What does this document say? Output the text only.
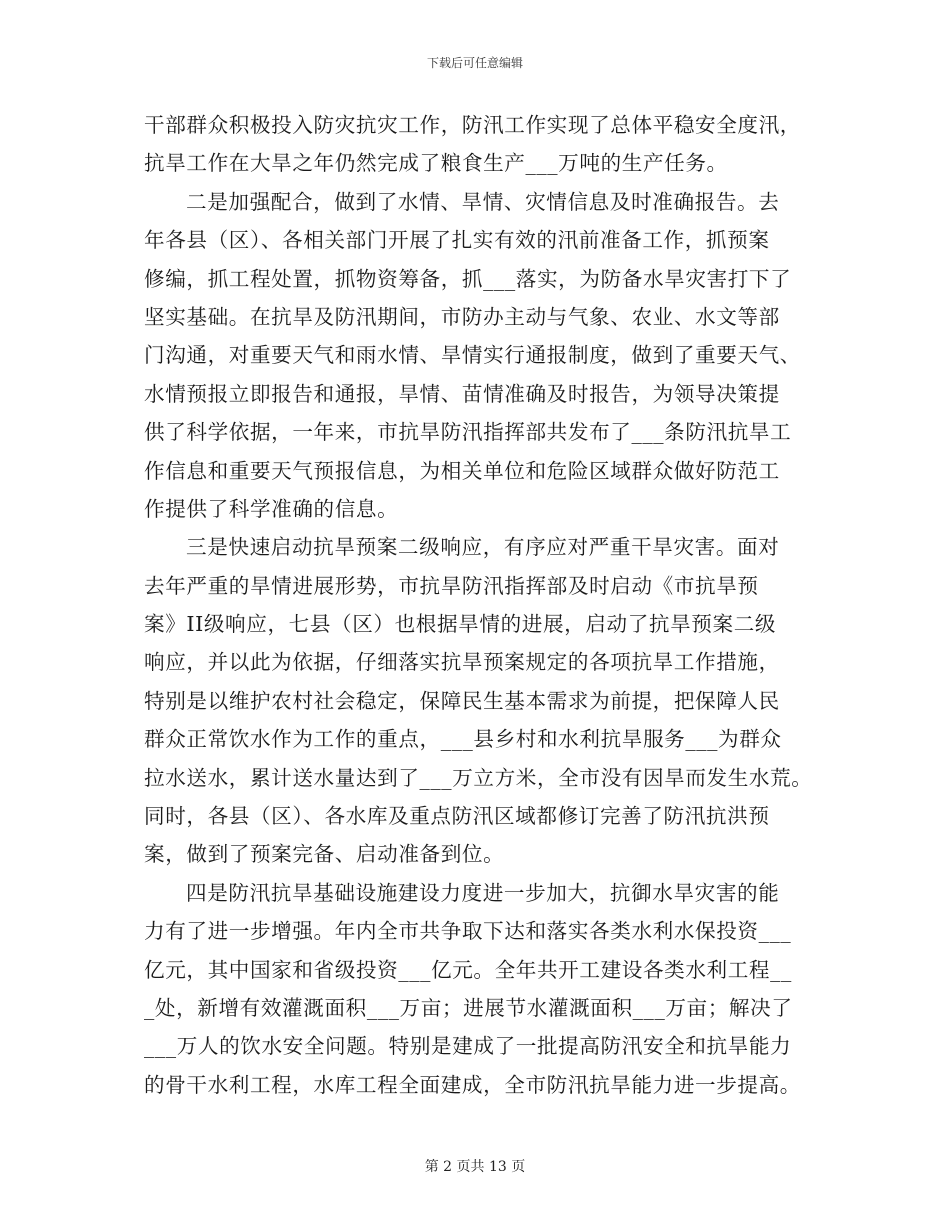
下载后可任意编辑
干部群众积极投入防灾抗灾工作，防汛工作实现了总体平稳安全度汛，
抗旱工作在大旱之年仍然完成了粮食生产___万吨的生产任务。
二是加强配合，做到了水情、旱情、灾情信息及时准确报告。去
年各县（区）、各相关部门开展了扎实有效的汛前准备工作，抓预案
修编，抓工程处置，抓物资筹备，抓___落实，为防备水旱灾害打下了
坚实基础。在抗旱及防汛期间，市防办主动与气象、农业、水文等部
门沟通，对重要天气和雨水情、旱情实行通报制度，做到了重要天气、
水情预报立即报告和通报，旱情、苗情准确及时报告，为领导决策提
供了科学依据，一年来，市抗旱防汛指挥部共发布了___条防汛抗旱工
作信息和重要天气预报信息，为相关单位和危险区域群众做好防范工
作提供了科学准确的信息。
三是快速启动抗旱预案二级响应，有序应对严重干旱灾害。面对
去年严重的旱情进展形势，市抗旱防汛指挥部及时启动《市抗旱预
案》II级响应，七县（区）也根据旱情的进展，启动了抗旱预案二级
响应，并以此为依据，仔细落实抗旱预案规定的各项抗旱工作措施，
特别是以维护农村社会稳定，保障民生基本需求为前提，把保障人民
群众正常饮水作为工作的重点，___县乡村和水利抗旱服务___为群众
拉水送水，累计送水量达到了___万立方米，全市没有因旱而发生水荒。
同时，各县（区）、各水库及重点防汛区域都修订完善了防汛抗洪预
案，做到了预案完备、启动准备到位。
四是防汛抗旱基础设施建设力度进一步加大，抗御水旱灾害的能
力有了进一步增强。年内全市共争取下达和落实各类水利水保投资___
亿元，其中国家和省级投资___亿元。全年共开工建设各类水利工程__
_处，新增有效灌溉面积___万亩；进展节水灌溉面积___万亩；解决了
___万人的饮水安全问题。特别是建成了一批提高防汛安全和抗旱能力
的骨干水利工程，水库工程全面建成，全市防汛抗旱能力进一步提高。
第 2 页共 13 页
